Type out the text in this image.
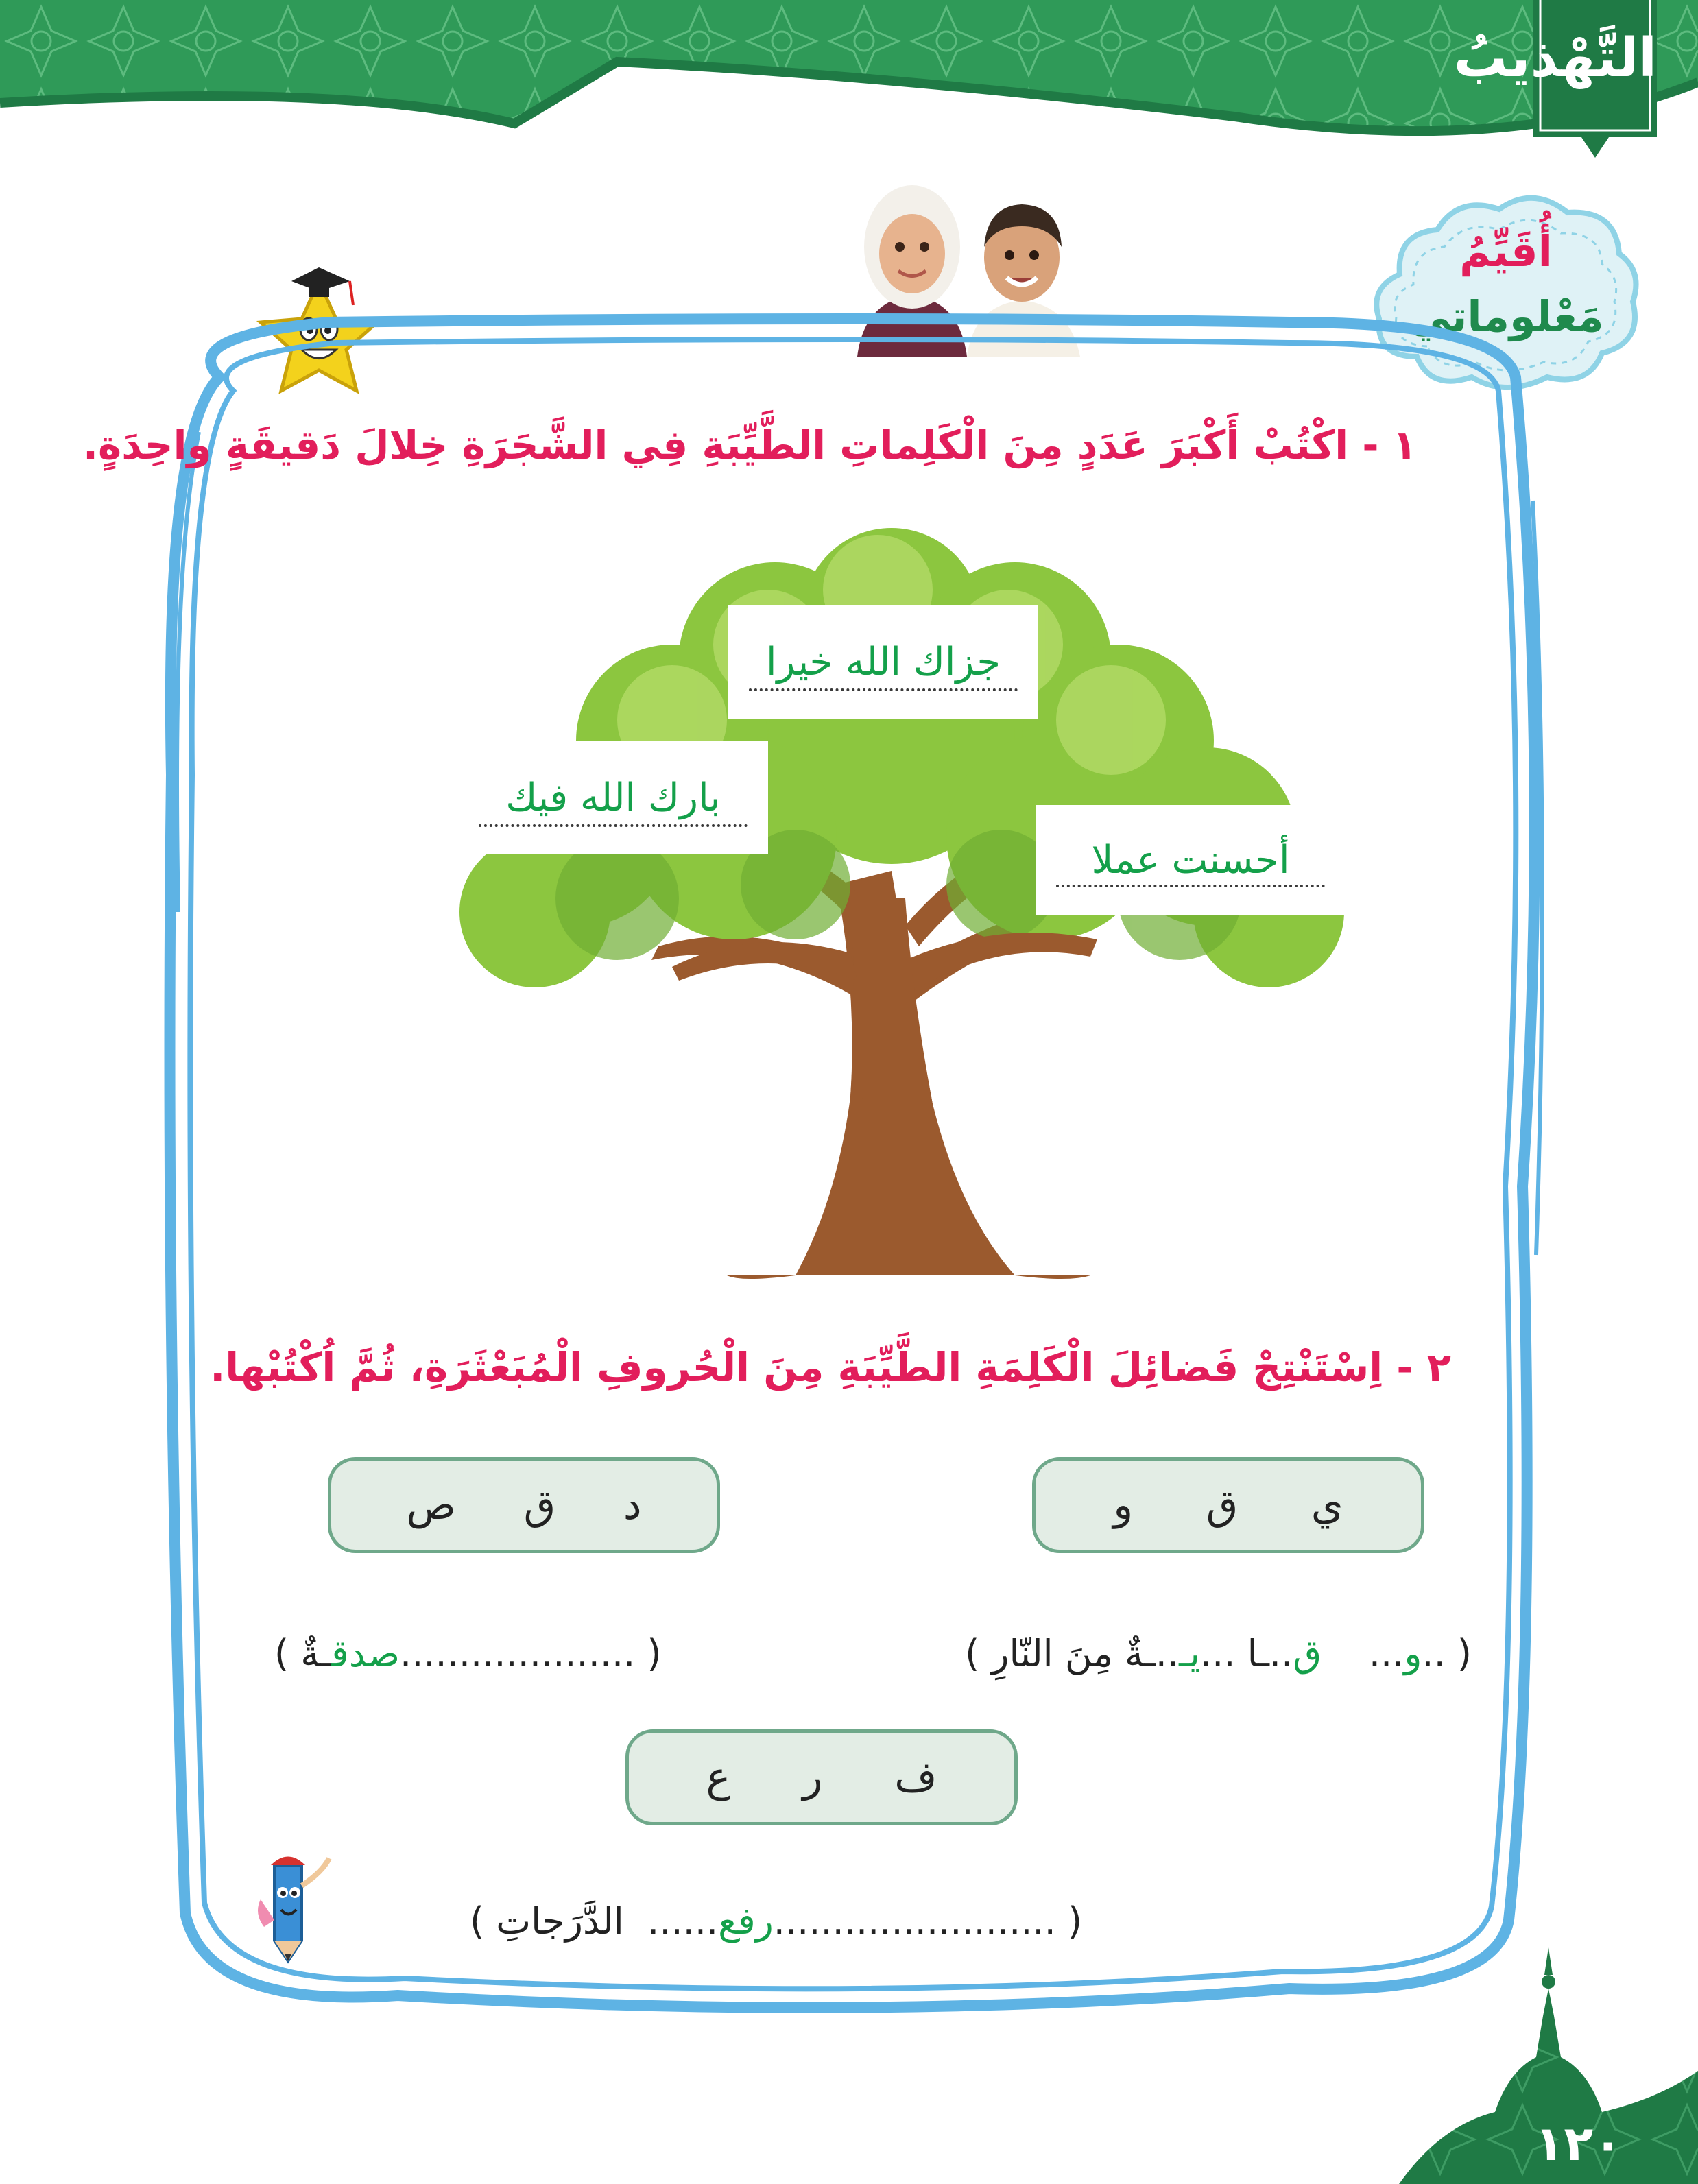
التَّهْذيبُ
أُقَيِّمُ
مَعْلوماتي
١ - اكْتُبْ أَكْبَرَ عَدَدٍ مِنَ الْكَلِماتِ الطَّيِّبَةِ فِي الشَّجَرَةِ خِلالَ دَقيقَةٍ واحِدَةٍ.
جزاك الله خيرا
بارك الله فيك
أحسنت عملا
٢ - اِسْتَنْتِجْ فَضائِلَ الْكَلِمَةِ الطَّيِّبَةِ مِنَ الْحُروفِ الْمُبَعْثَرَةِ، ثُمَّ اُكْتُبْها.
ي
ق
و
د
ق
ص
ف
ر
ع
( ..و...    ق..ـا ...يـ..ـةٌ مِنَ النّارِ )
( ....................صدقـةٌ )
( ........................رفع......  الدَّرَجاتِ )
١٢٠
